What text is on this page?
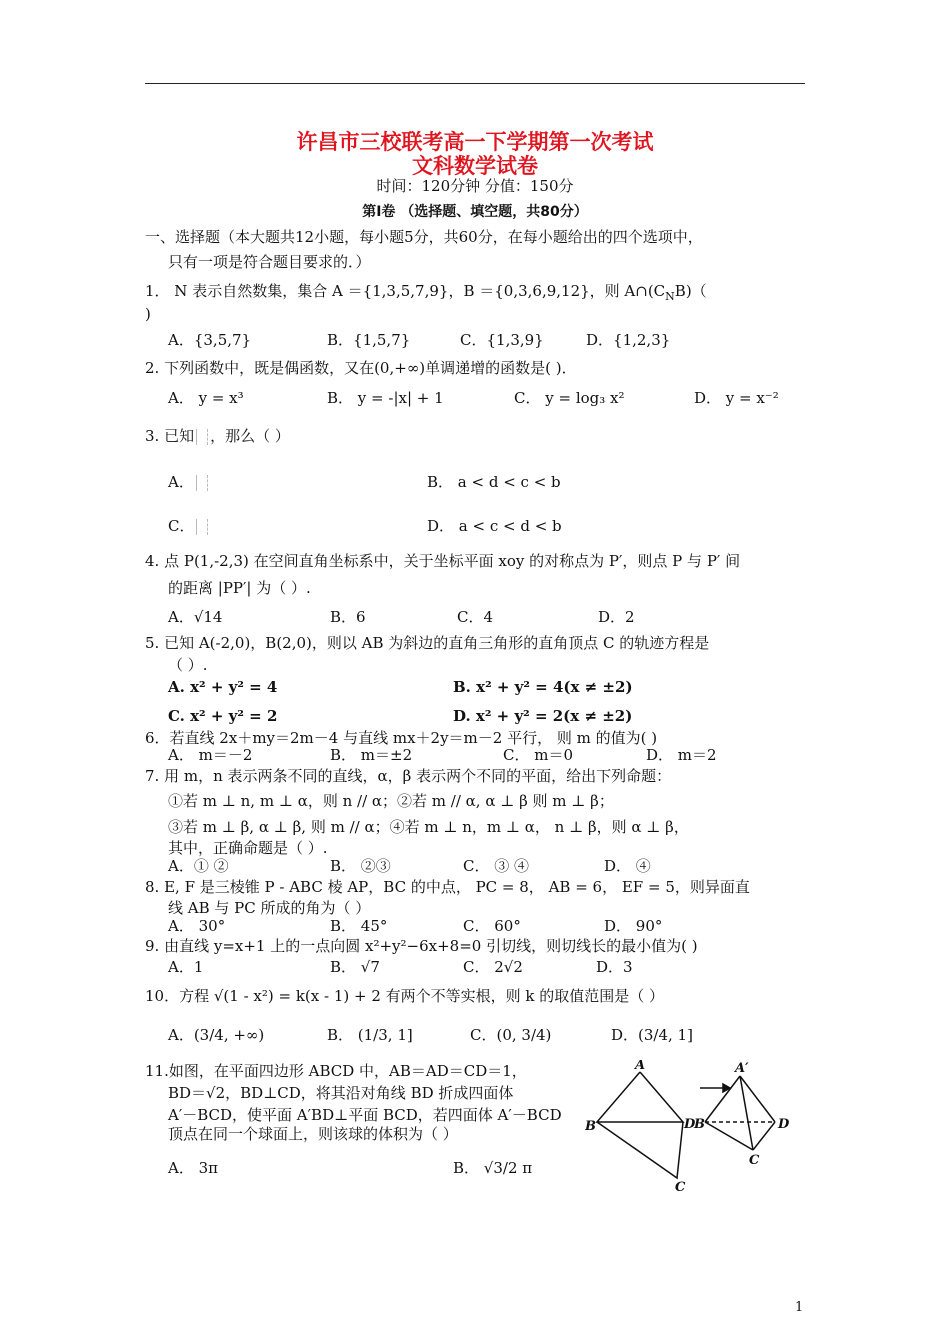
许昌市三校联考高一下学期第一次考试
文科数学试卷
时间：120分钟 分值：150分
第Ⅰ卷 （选择题、填空题，共80分）
一、选择题（本大题共12小题，每小题5分，共60分，在每小题给出的四个选项中，
只有一项是符合题目要求的．）
1． N 表示自然数集，集合 A ＝{1,3,5,7,9}，B ＝{0,3,6,9,12}，则 $A\cap(C_NB)$（
)
A．{3,5,7}	B．{1,5,7}	C．{1,3,9}	D．{1,2,3}
2. 下列函数中，既是偶函数，又在(0,+∞)单调递增的函数是( )．
A． y = x³	B． y = -|x| + 1	C． y = log₃ x²	D． y = x⁻²
3. 已知 ，那么（ ）
A．	B． a < d < c < b
C．	D． a < c < d < b
4. 点 P(1,-2,3) 在空间直角坐标系中，关于坐标平面 xoy 的对称点为 P′，则点 P 与 P′ 间
的距离 |PP′| 为（ ）.
A．√14	B．6	C．4	D．2
5. 已知 A(-2,0)，B(2,0)，则以 AB 为斜边的直角三角形的直角顶点 C 的轨迹方程是
（ ）.
A. x² + y² = 4	B. x² + y² = 4(x ≠ ±2)
C. x² + y² = 2	D. x² + y² = 2(x ≠ ±2)
6．若直线 2x＋my＝2m－4 与直线 mx＋2y＝m－2 平行， 则 m 的值为( )
A． m＝－2	B． m＝±2	C． m＝0	D． m＝2
7. 用 m，n 表示两条不同的直线，α，β 表示两个不同的平面，给出下列命题：
①若 m ⊥ n, m ⊥ α，则 n // α；②若 m // α, α ⊥ β 则 m ⊥ β；
③若 m ⊥ β, α ⊥ β, 则 m // α；④若 m ⊥ n，m ⊥ α， n ⊥ β，则 α ⊥ β，
其中，正确命题是（ ）.
A．① ②	B． ②③	C． ③ ④	D． ④
8. E, F 是三棱锥 P - ABC 棱 AP，BC 的中点， PC = 8， AB = 6， EF = 5，则异面直
线 AB 与 PC 所成的角为（ ）
A． 30°	B． 45°	C． 60°	D． 90°
9. 由直线 y=x+1 上的一点向圆 x²+y²−6x+8=0 引切线，则切线长的最小值为( )
A．1	B． √7	C． 2√2	D．3
10．方程 √(1 - x²) = k(x - 1) + 2 有两个不等实根，则 k 的取值范围是（ ）
A．(3/4, +∞)	B． (1/3, 1]	C．(0, 3/4)	D．(3/4, 1]
11.如图，在平面四边形 ABCD 中，AB＝AD＝CD＝1，
BD＝√2，BD⊥CD，将其沿对角线 BD 折成四面体
A′－BCD，使平面 A′BD⊥平面 BCD，若四面体 A′－BCD
顶点在同一个球面上，则该球的体积为（ ）
A． 3π	B． √3/2 π
A
B	D
C
A′
B	D
C
1
